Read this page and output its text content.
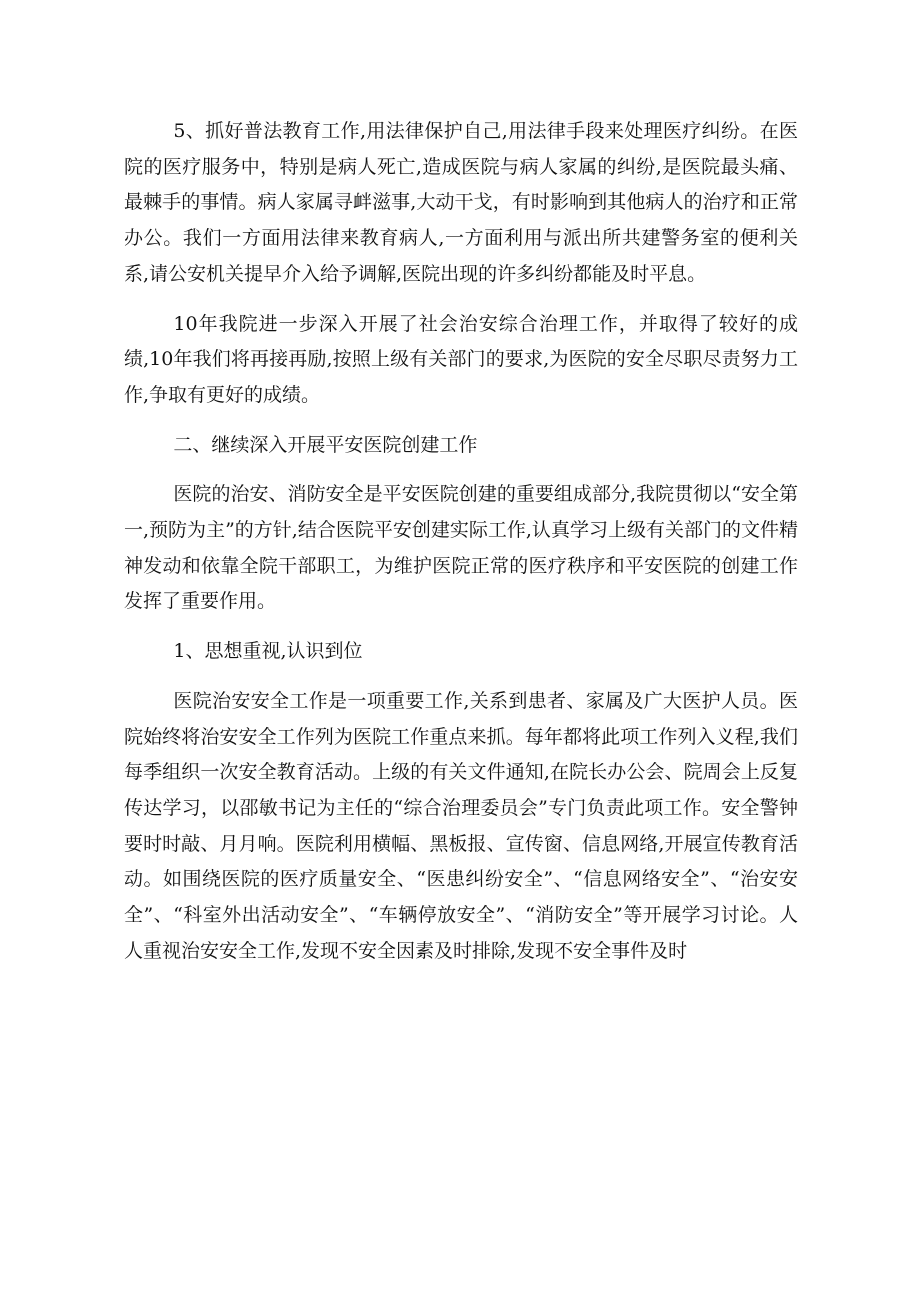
5、抓好普法教育工作,用法律保护自己,用法律手段来处理医疗纠纷。在医院的医疗服务中，特别是病人死亡,造成医院与病人家属的纠纷,是医院最头痛、最棘手的事情。病人家属寻衅滋事,大动干戈，有时影响到其他病人的治疗和正常办公。我们一方面用法律来教育病人,一方面利用与派出所共建警务室的便利关系,请公安机关提早介入给予调解,医院出现的许多纠纷都能及时平息。

10年我院进一步深入开展了社会治安综合治理工作，并取得了较好的成绩,10年我们将再接再励,按照上级有关部门的要求,为医院的安全尽职尽责努力工作,争取有更好的成绩。

二、继续深入开展平安医院创建工作

医院的治安、消防安全是平安医院创建的重要组成部分,我院贯彻以“安全第一,预防为主”的方针,结合医院平安创建实际工作,认真学习上级有关部门的文件精神发动和依靠全院干部职工，为维护医院正常的医疗秩序和平安医院的创建工作发挥了重要作用。

1、思想重视,认识到位

医院治安安全工作是一项重要工作,关系到患者、家属及广大医护人员。医院始终将治安安全工作列为医院工作重点来抓。每年都将此项工作列入义程,我们每季组织一次安全教育活动。上级的有关文件通知,在院长办公会、院周会上反复传达学习，以邵敏书记为主任的“综合治理委员会”专门负责此项工作。安全警钟要时时敲、月月响。医院利用横幅、黑板报、宣传窗、信息网络,开展宣传教育活动。如围绕医院的医疗质量安全、“医患纠纷安全”、“信息网络安全”、“治安安全”、“科室外出活动安全”、“车辆停放安全”、“消防安全”等开展学习讨论。人人重视治安安全工作,发现不安全因素及时排除,发现不安全事件及时
